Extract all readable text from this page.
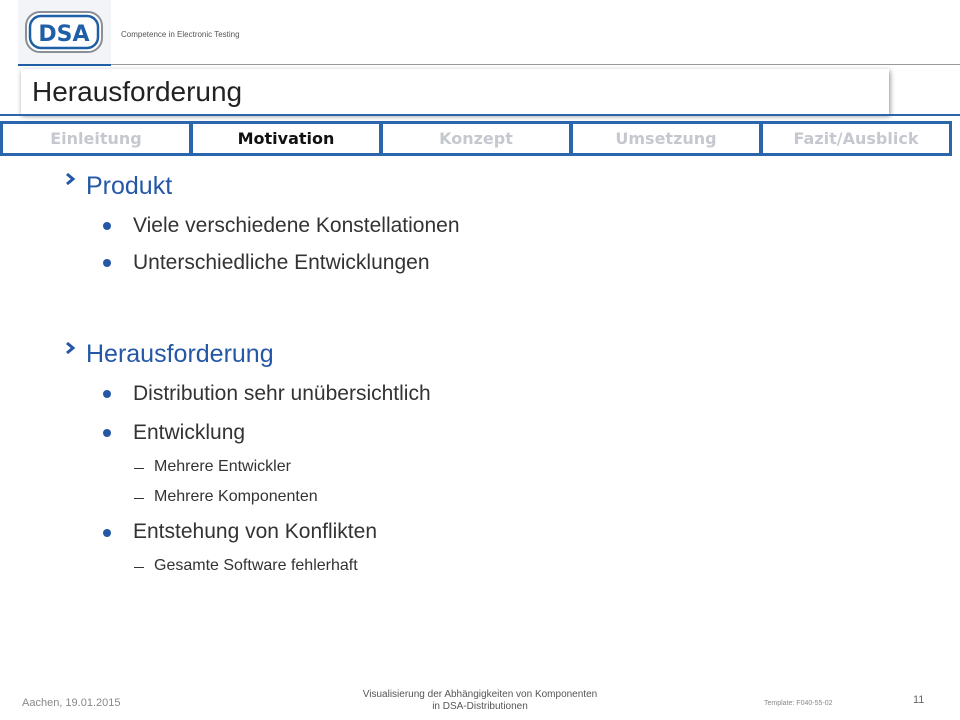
DSA	Competence in Electronic Testing
Herausforderung
Einleitung	Motivation	Konzept	Umsetzung	Fazit/Ausblick
Produkt
Viele verschiedene Konstellationen
Unterschiedliche Entwicklungen
Herausforderung
Distribution sehr unübersichtlich
Entwicklung
Mehrere Entwickler
Mehrere Komponenten
Entstehung von Konflikten
Gesamte Software fehlerhaft
Aachen, 19.01.2015
Visualisierung der Abhängigkeiten von Komponenten
in DSA-Distributionen	Template: F040-55-02	11
